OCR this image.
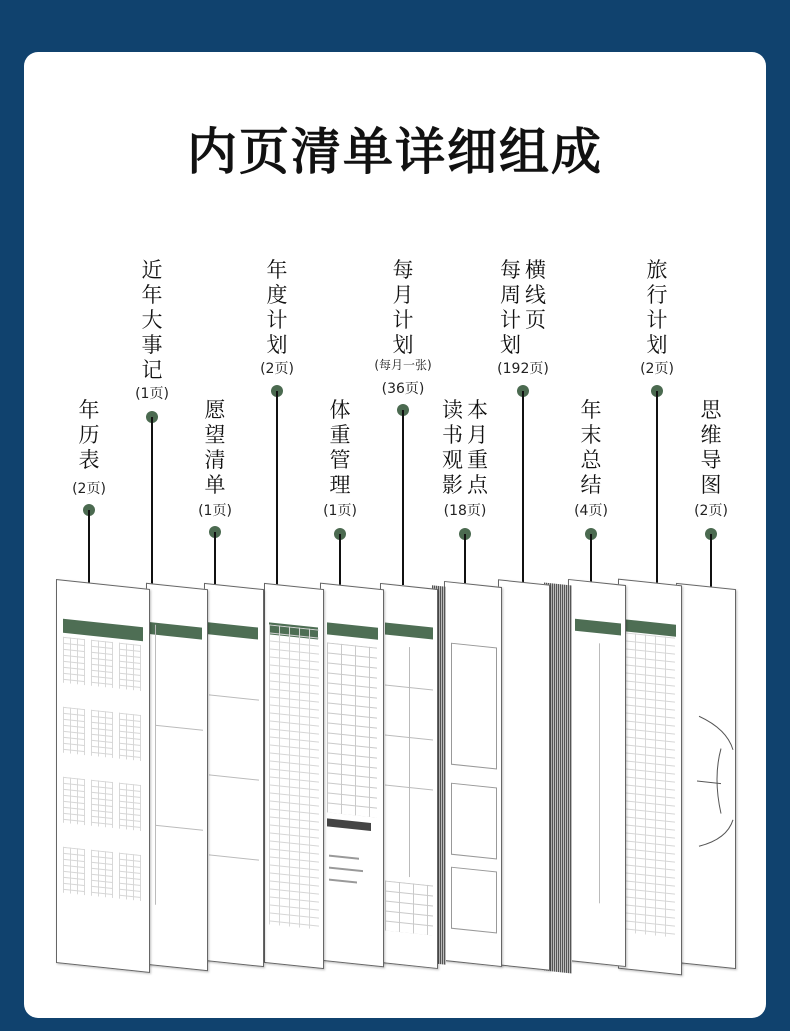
内页清单详细组成
年
历
表
(2页)
近
年
大
事
记
(1页)
愿
望
清
单
(1页)
年
度
计
划
(2页)
体
重
管
理
(1页)
每
月
计
划
(每月一张)
(36页)
本
月
重
点
读
书
观
影
(18页)
横
线
页
每
周
计
划
(192页)
年
末
总
结
(4页)
旅
行
计
划
(2页)
思
维
导
图
(2页)
